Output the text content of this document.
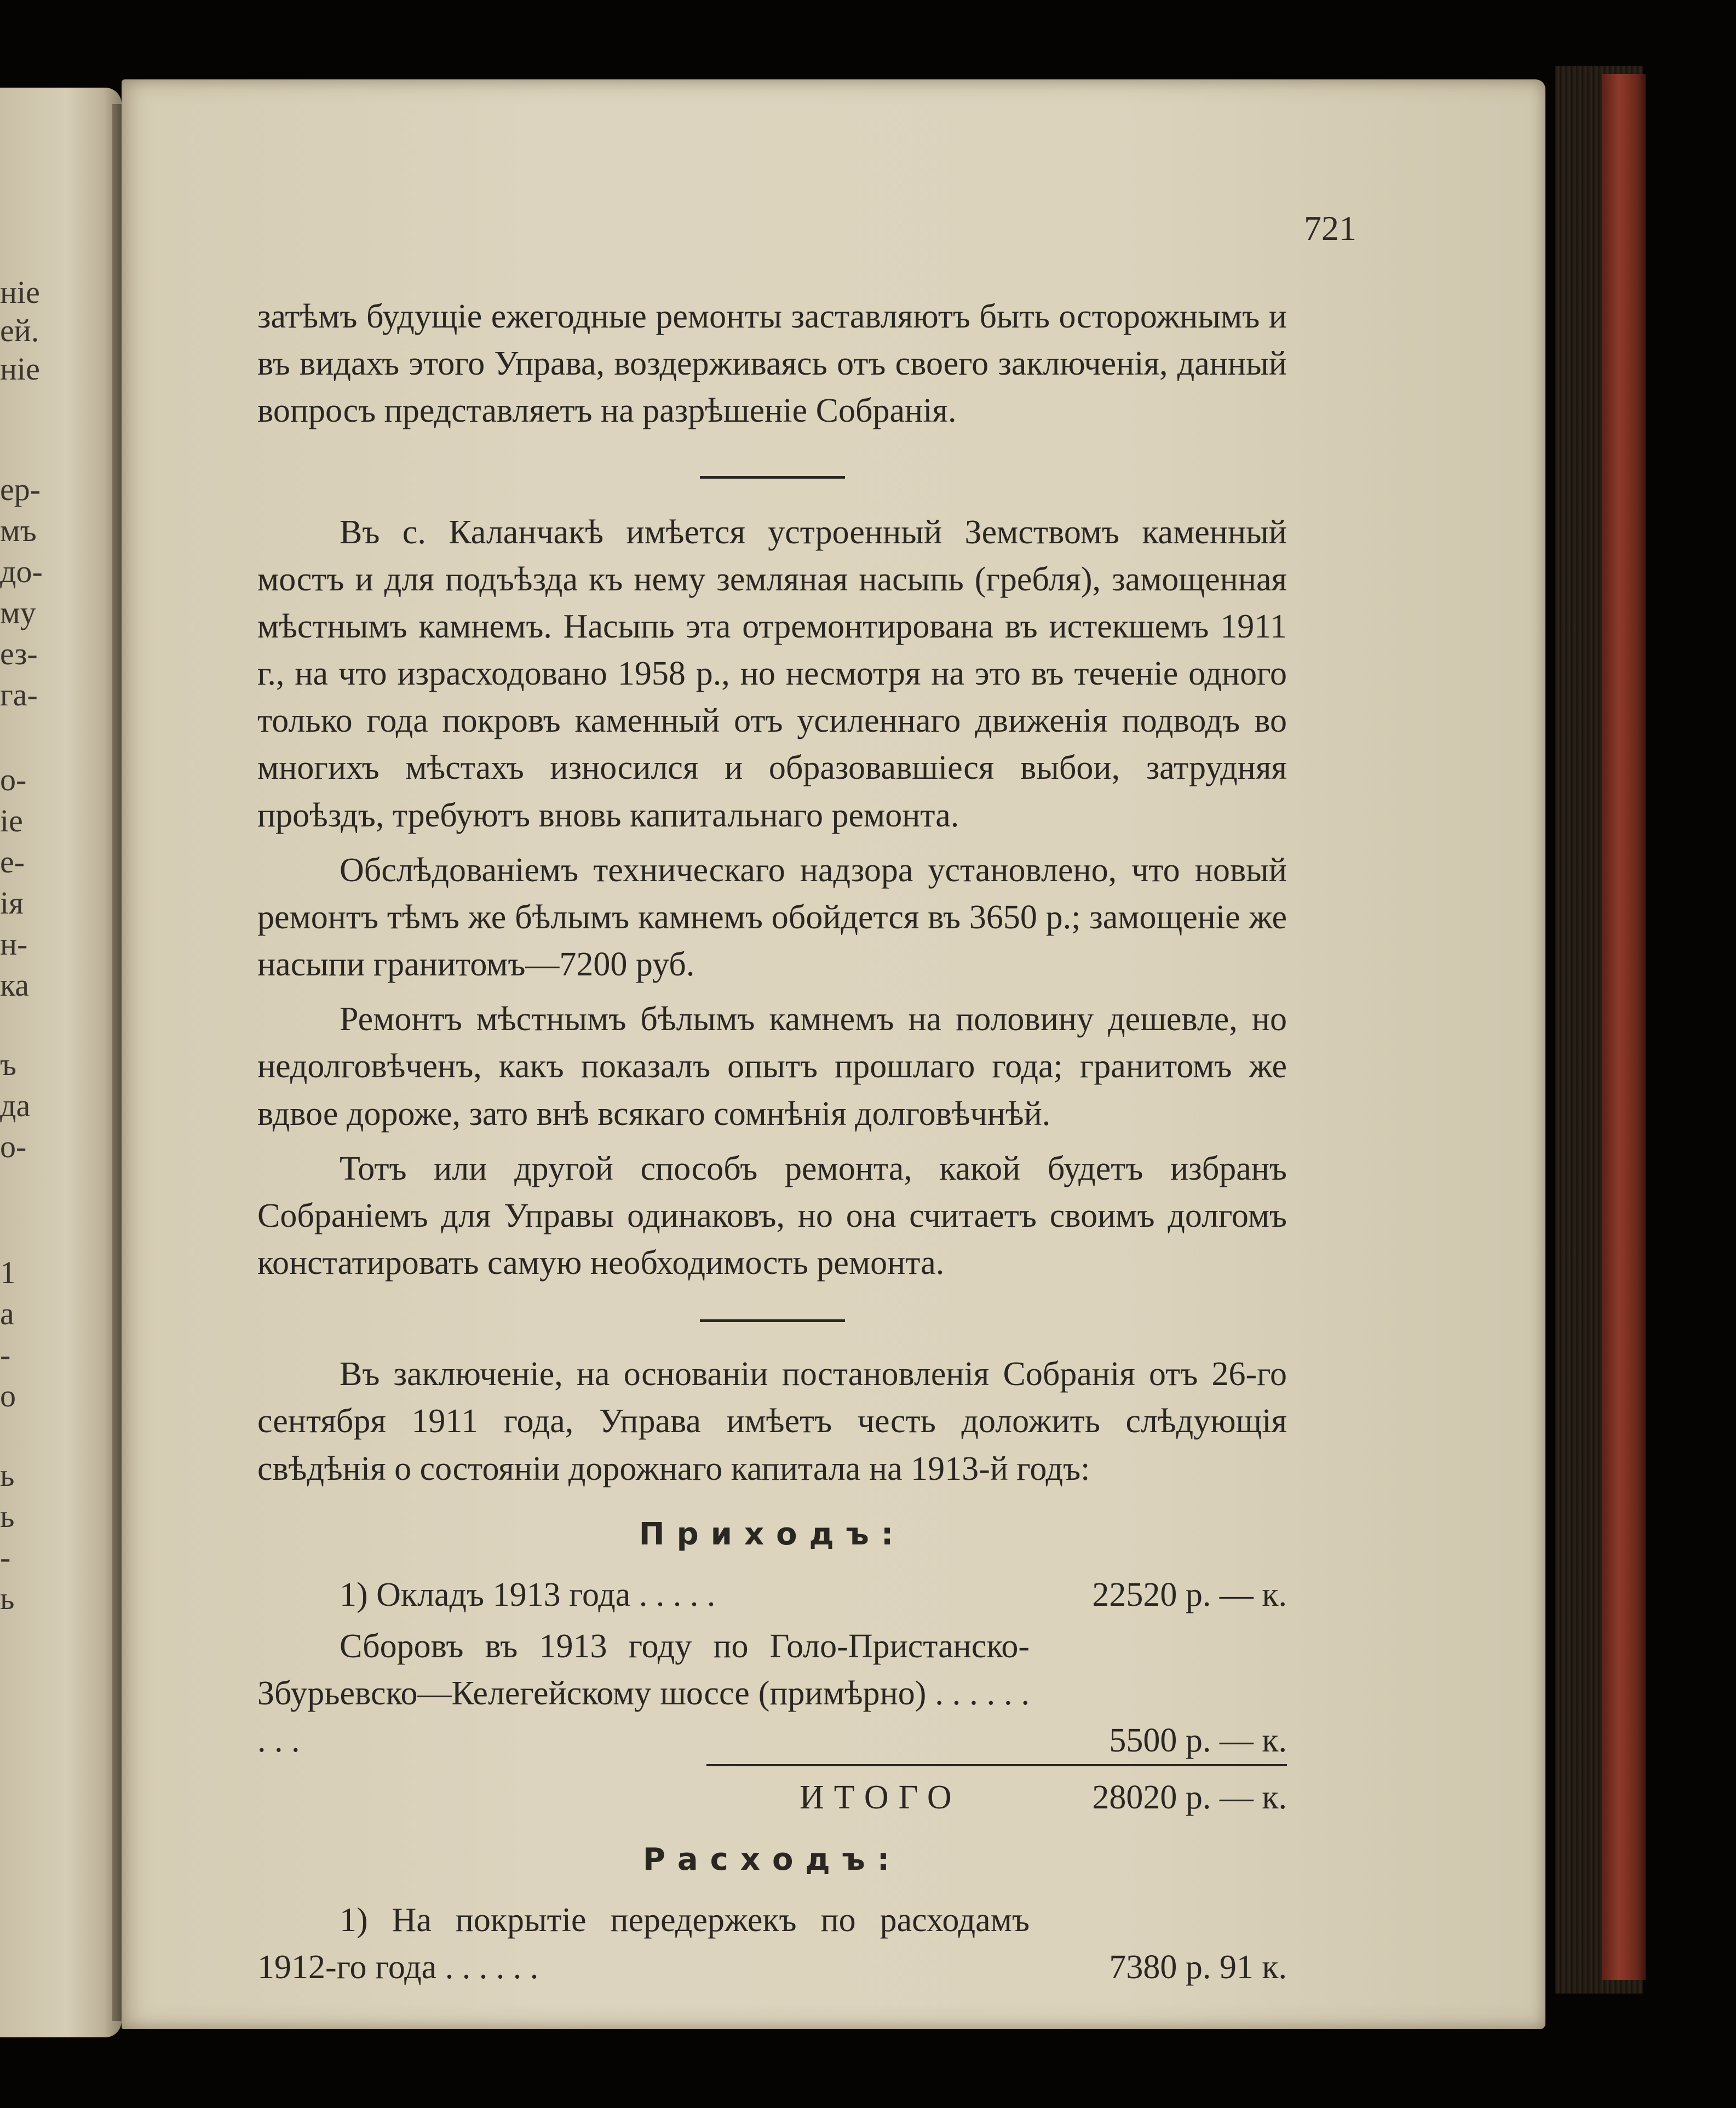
ніе
ей.
ніе
ер-
мъ
до-
му
ез-
га-
о-
іе
е-
ія
н-
ка
ъ
да
о-
1
а
-
о
ь
ь
-
ь
721

затѣмъ будущіе ежегодные ремонты заставляютъ быть осторожнымъ и въ видахъ этого Управа, воздерживаясь отъ своего заключенія, данный вопросъ представляетъ на разрѣшеніе Собранія.

Въ с. Каланчакѣ имѣется устроенный Земствомъ каменный мостъ и для подъѣзда къ нему земляная насыпь (гребля), замощенная мѣстнымъ камнемъ. Насыпь эта отремонтирована въ истекшемъ 1911 г., на что израсходовано 1958 р., но несмотря на это въ теченіе одного только года покровъ каменный отъ усиленнаго движенія подводъ во многихъ мѣстахъ износился и образовавшіеся выбои, затрудняя проѣздъ, требуютъ вновь капитальнаго ремонта.

Обслѣдованіемъ техническаго надзора установлено, что новый ремонтъ тѣмъ же бѣлымъ камнемъ обойдется въ 3650 р.; замощеніе же насыпи гранитомъ—7200 руб.

Ремонтъ мѣстнымъ бѣлымъ камнемъ на половину дешевле, но недолговѣченъ, какъ показалъ опытъ прошлаго года; гранитомъ же вдвое дороже, зато внѣ всякаго сомнѣнія долговѣчнѣй.

Тотъ или другой способъ ремонта, какой будетъ избранъ Собраніемъ для Управы одинаковъ, но она считаетъ своимъ долгомъ констатировать самую необходимость ремонта.

Въ заключеніе, на основаніи постановленія Собранія отъ 26-го сентября 1911 года, Управа имѣетъ честь доложить слѣдующія свѣдѣнія о состояніи дорожнаго капитала на 1913-й годъ:

Приходъ:
1) Окладъ 1913 года . . . . .	22520 р. — к.
Сборовъ въ 1913 году по Голо-Пристанско-Збурьевско—Келегейскому шоссе (примѣрно) . . . . . . . . .	5500 р. — к.
ИТОГО	28020 р. — к.
Расходъ:
1) На покрытіе передержекъ по расходамъ 1912-го года . . . . . .	7380 р. 91 к.
